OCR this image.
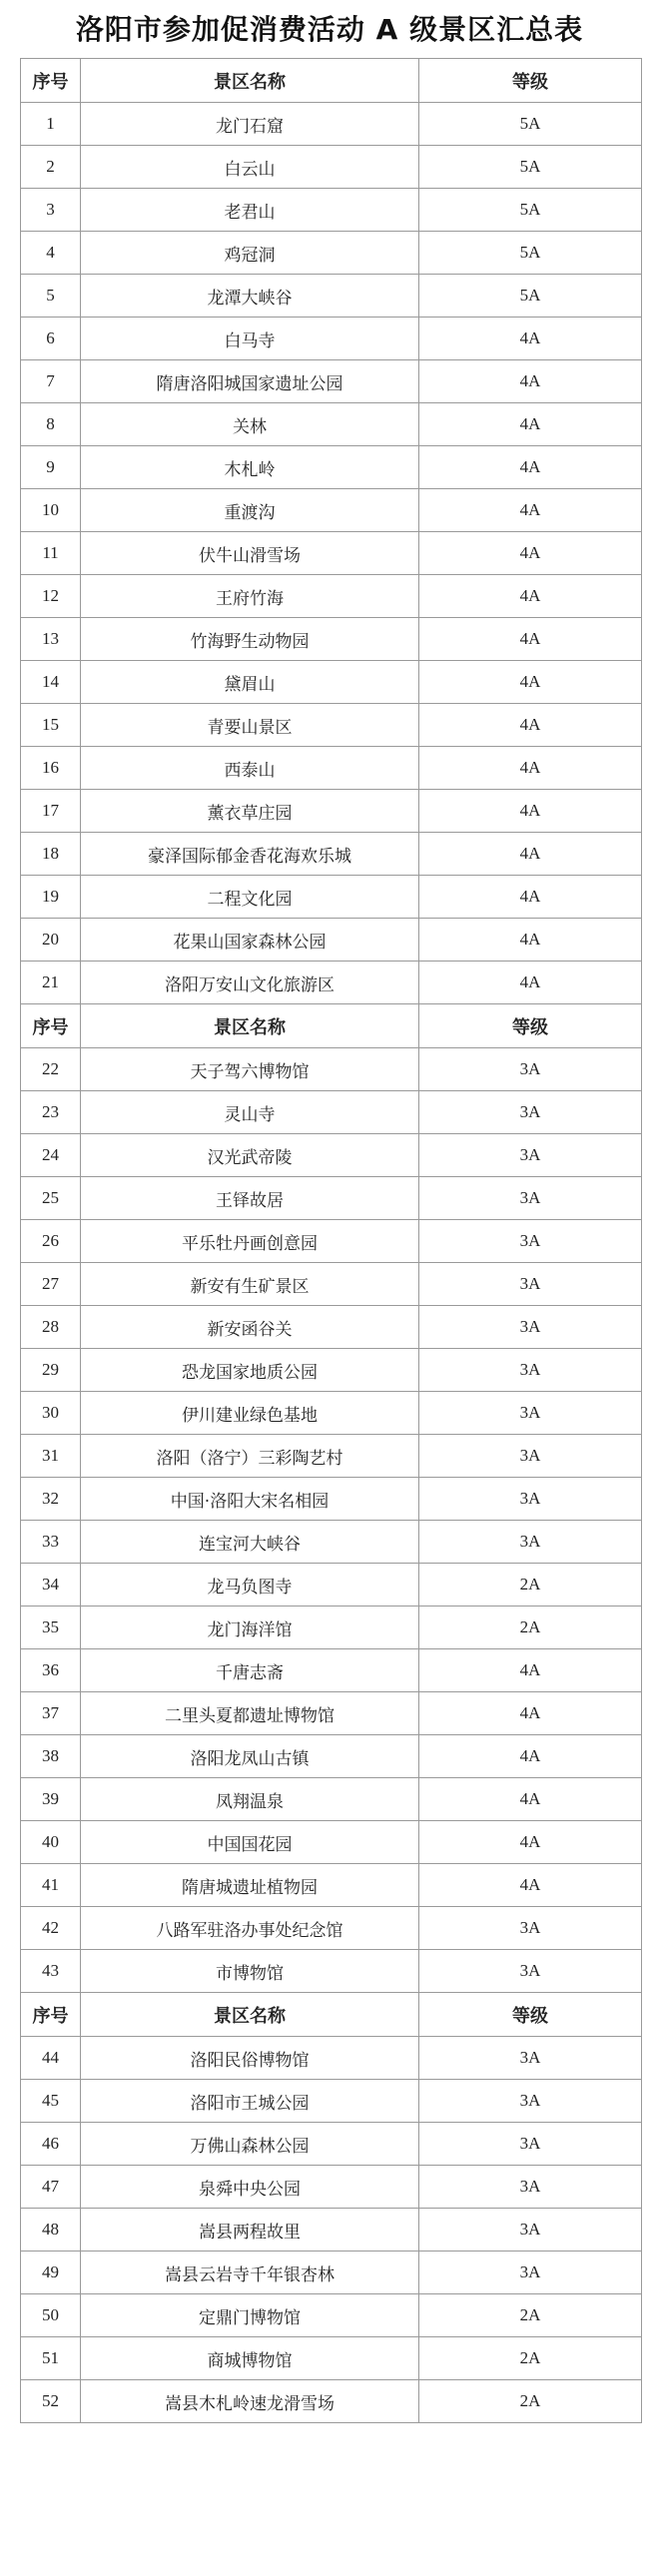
洛阳市参加促消费活动 A 级景区汇总表
序号	景区名称	等级
1	龙门石窟	5A
2	白云山	5A
3	老君山	5A
4	鸡冠洞	5A
5	龙潭大峡谷	5A
6	白马寺	4A
7	隋唐洛阳城国家遗址公园	4A
8	关林	4A
9	木札岭	4A
10	重渡沟	4A
11	伏牛山滑雪场	4A
12	王府竹海	4A
13	竹海野生动物园	4A
14	黛眉山	4A
15	青要山景区	4A
16	西泰山	4A
17	薰衣草庄园	4A
18	豪泽国际郁金香花海欢乐城	4A
19	二程文化园	4A
20	花果山国家森林公园	4A
21	洛阳万安山文化旅游区	4A
序号	景区名称	等级
22	天子驾六博物馆	3A
23	灵山寺	3A
24	汉光武帝陵	3A
25	王铎故居	3A
26	平乐牡丹画创意园	3A
27	新安有生矿景区	3A
28	新安函谷关	3A
29	恐龙国家地质公园	3A
30	伊川建业绿色基地	3A
31	洛阳（洛宁）三彩陶艺村	3A
32	中国·洛阳大宋名相园	3A
33	连宝河大峡谷	3A
34	龙马负图寺	2A
35	龙门海洋馆	2A
36	千唐志斋	4A
37	二里头夏都遗址博物馆	4A
38	洛阳龙凤山古镇	4A
39	凤翔温泉	4A
40	中国国花园	4A
41	隋唐城遗址植物园	4A
42	八路军驻洛办事处纪念馆	3A
43	市博物馆	3A
序号	景区名称	等级
44	洛阳民俗博物馆	3A
45	洛阳市王城公园	3A
46	万佛山森林公园	3A
47	泉舜中央公园	3A
48	嵩县两程故里	3A
49	嵩县云岩寺千年银杏林	3A
50	定鼎门博物馆	2A
51	商城博物馆	2A
52	嵩县木札岭速龙滑雪场	2A
